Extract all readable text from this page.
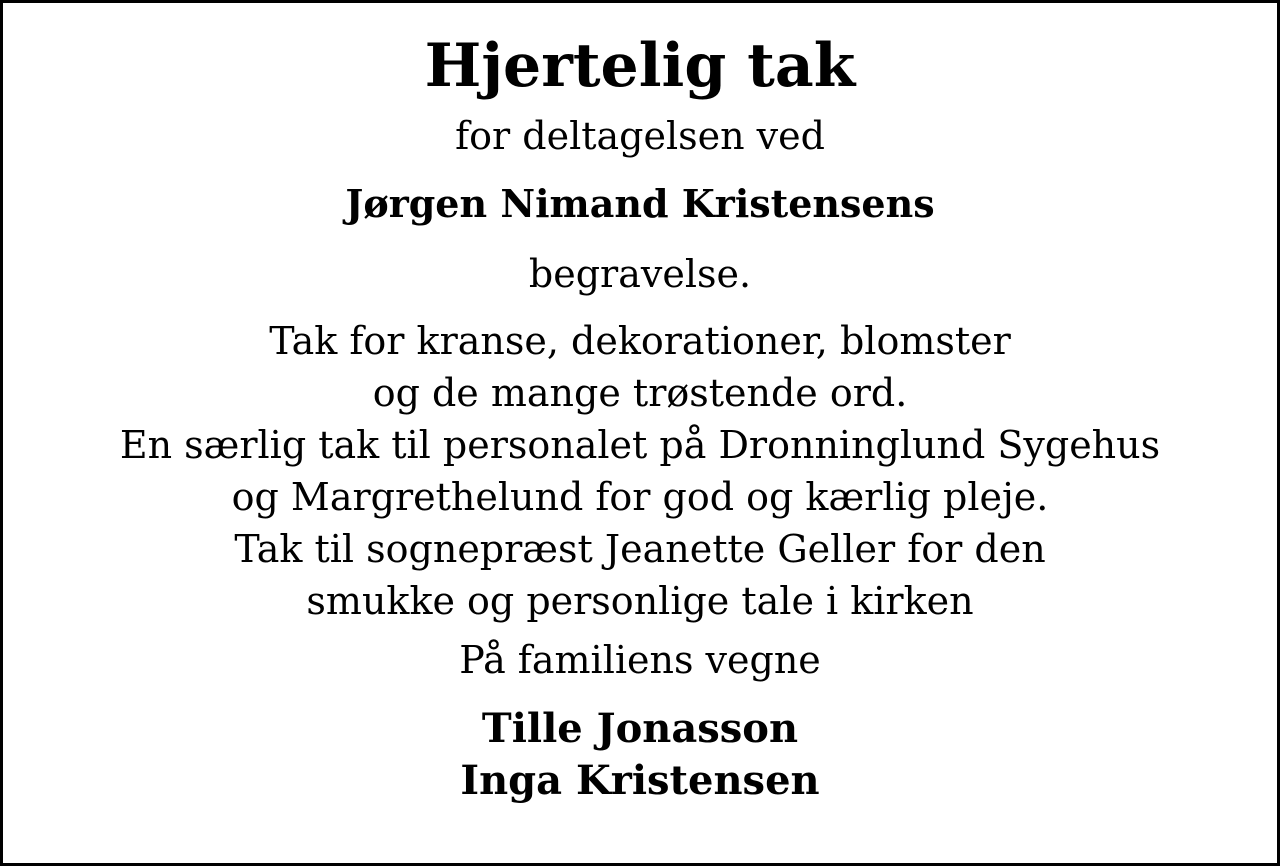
Hjertelig tak
for deltagelsen ved
Jørgen Nimand Kristensens
begravelse.
Tak for kranse, dekorationer, blomster
og de mange trøstende ord.
En særlig tak til personalet på Dronninglund Sygehus
og Margrethelund for god og kærlig pleje.
Tak til sognepræst Jeanette Geller for den
smukke og personlige tale i kirken
På familiens vegne
Tille Jonasson
Inga Kristensen
